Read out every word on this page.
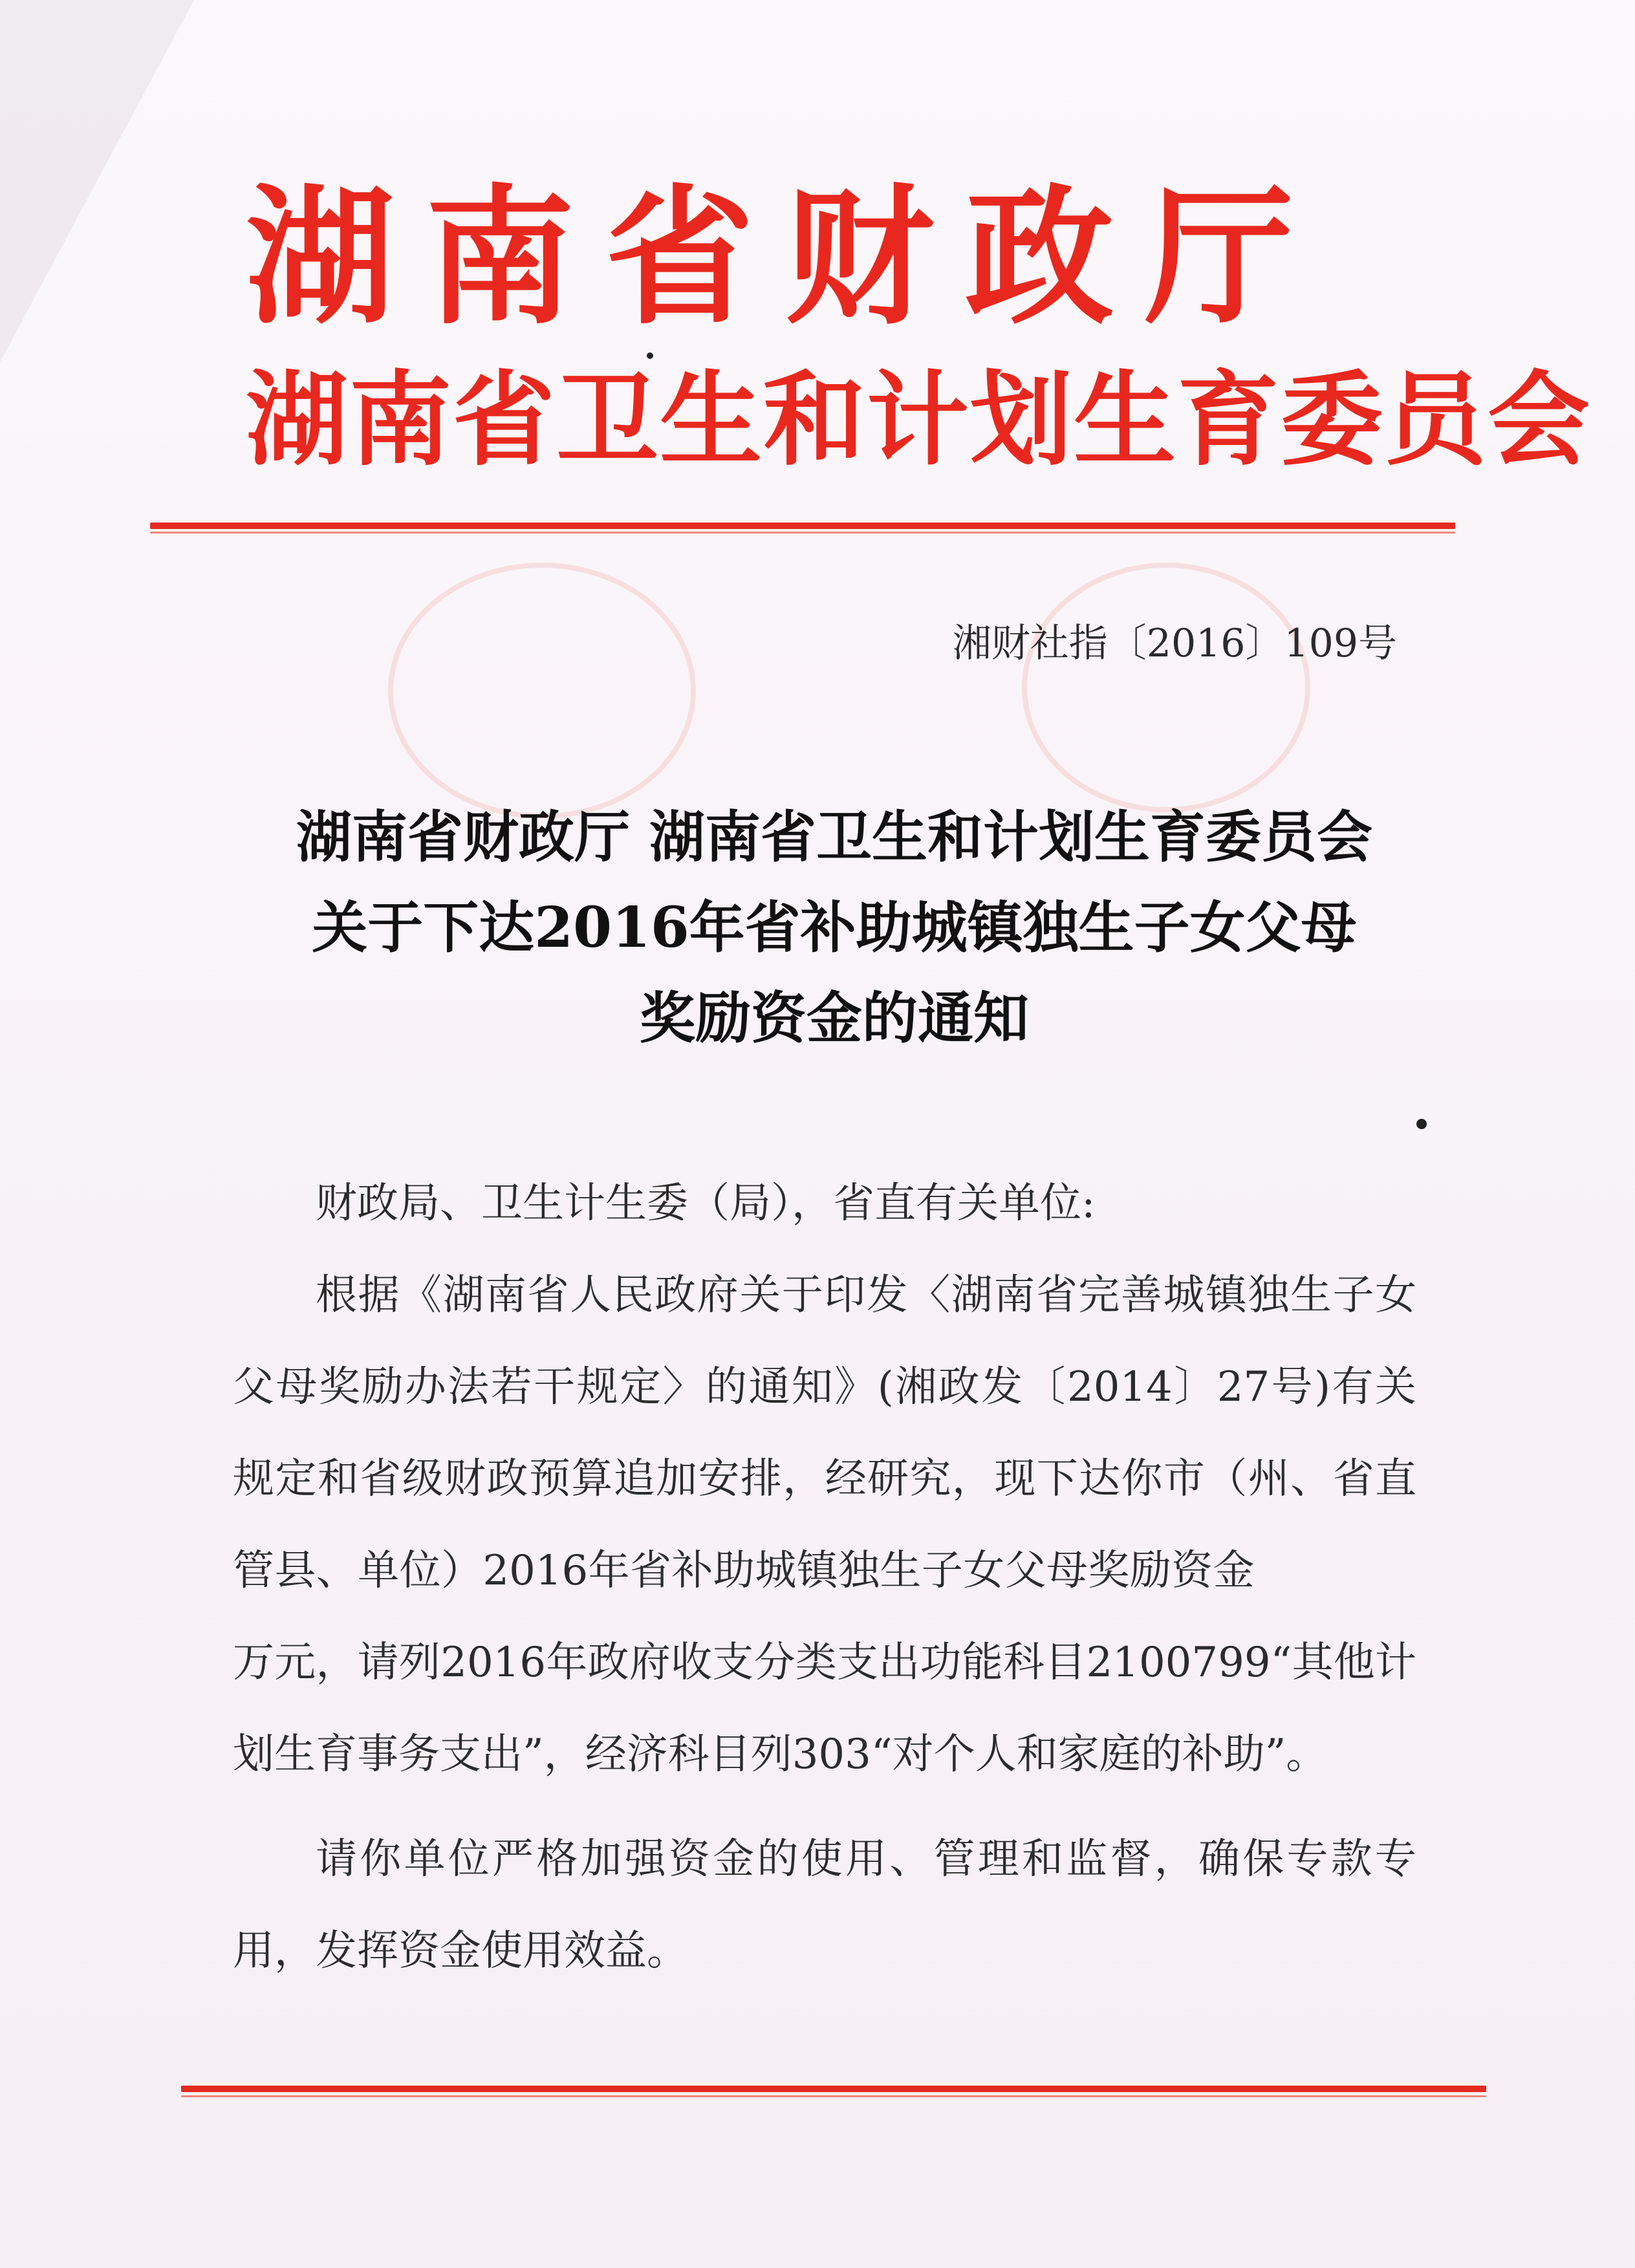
湖南省财政厅
湖南省卫生和计划生育委员会
湘财社指〔2016〕109号
湖南省财政厅 湖南省卫生和计划生育委员会
关于下达2016年省补助城镇独生子女父母
奖励资金的通知

财政局、卫生计生委（局），省直有关单位:

根据《湖南省人民政府关于印发〈湖南省完善城镇独生子女父母奖励办法若干规定〉的通知》(湘政发〔2014〕27号)有关规定和省级财政预算追加安排，经研究，现下达你市（州、省直管县、单位）2016年省补助城镇独生子女父母奖励资金万元，请列2016年政府收支分类支出功能科目2100799“其他计划生育事务支出”，经济科目列303“对个人和家庭的补助”。

请你单位严格加强资金的使用、管理和监督，确保专款专用，发挥资金使用效益。
